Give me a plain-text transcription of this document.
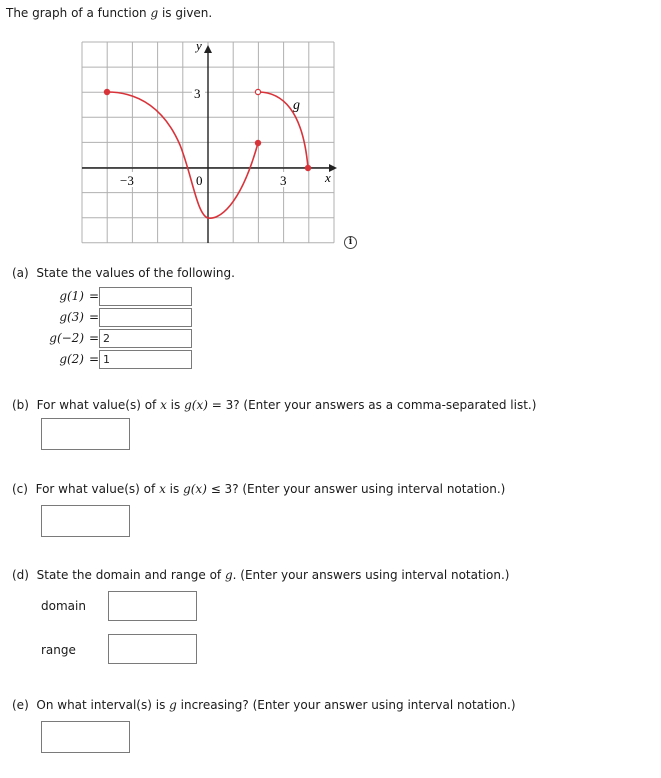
The graph of a function g is given.
y
x
g
3
−3	0	3
i
(a) State the values of the following.
g(1) =
g(3) =
g(−2) =
2
g(2) =
1
(b) For what value(s) of x is g(x) = 3? (Enter your answers as a comma-separated list.)
(c) For what value(s) of x is g(x) ≤ 3? (Enter your answer using interval notation.)
(d) State the domain and range of g. (Enter your answers using interval notation.)
domain
range
(e) On what interval(s) is g increasing? (Enter your answer using interval notation.)
